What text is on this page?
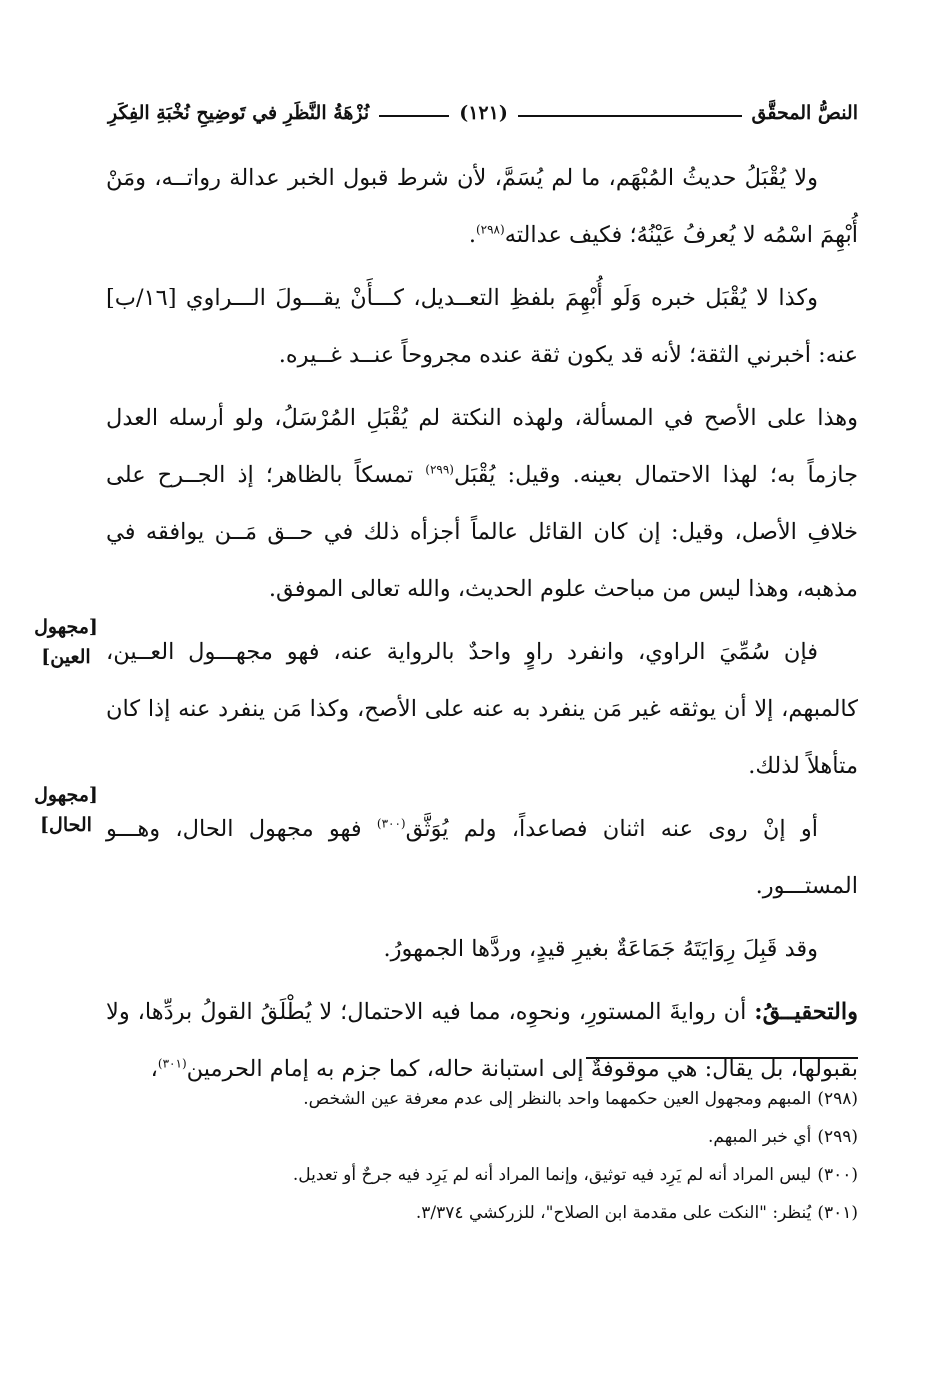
النصُّ المحقَّق
(١٢١)
نُزْهَةُ النَّظَرِ في تَوضِيحِ نُخْبَةِ الفِكَرِ

ولا يُقْبَلُ حديثُ المُبْهَم، ما لم يُسَمَّ، لأن شرط قبول الخبر عدالة رواتــه، ومَنْ أُبْهِمَ اسْمُه لا يُعرفُ عَيْنُهُ؛ فكيف عدالته$^{(٢٩٨)}$.

وكذا لا يُقْبَل خبره وَلَو أُبْهِمَ بلفظِ التعــديل، كـــأَنْ يقـــولَ الـــراوي [١٦/ب] عنه: أخبرني الثقة؛ لأنه قد يكون ثقة عنده مجروحاً عنــد غــيره.

وهذا على الأصح في المسألة، ولهذه النكتة لم يُقْبَلِ المُرْسَلُ، ولو أرسله العدل جازماً به؛ لهذا الاحتمال بعينه. وقيل: يُقْبَل$^{(٢٩٩)}$ تمسكاً بالظاهر؛ إذ الجــرح على خلافِ الأصل، وقيل: إن كان القائل عالماً أجزأه ذلك في حــق مَــن يوافقه في مذهبه، وهذا ليس من مباحث علوم الحديث، والله تعالى الموفق.

فإن سُمِّيَ الراوي، وانفرد راوٍ واحدٌ بالرواية عنه، فهو مجهـــول العــين، كالمبهم، إلا أن يوثقه غير مَن ينفرد به عنه على الأصح، وكذا مَن ينفرد عنه إذا كان متأهلاً لذلك.

أو إنْ روى عنه اثنان فصاعداً، ولم يُوَثَّق$^{(٣٠٠)}$ فهو مجهول الحال، وهـــو المستـــور.

وقد قَبِلَ رِوَايَتَهُ جَمَاعَةٌ بغيرِ قيدٍ، وردَّها الجمهورُ.

والتحقيــقُ: أن روايةَ المستورِ، ونحوِه، مما فيه الاحتمال؛ لا يُطْلَقُ القولُ بردِّها، ولا بقبولها، بل يقال: هي موقوفةٌ إلى استبانة حاله، كما جزم به إمام الحرمين$^{(٣٠١)}$،

[مجهول العين]
[مجهول الحال]
(٢٩٨)المبهم ومجهول العين حكمهما واحد بالنظر إلى عدم معرفة عين الشخص.
(٢٩٩)أي خبر المبهم.
(٣٠٠)ليس المراد أنه لم يَرِد فيه توثيق، وإنما المراد أنه لم يَرِد فيه جرحٌ أو تعديل.
(٣٠١)يُنظر: "النكت على مقدمة ابن الصلاح"، للزركشي ٣/٣٧٤.
